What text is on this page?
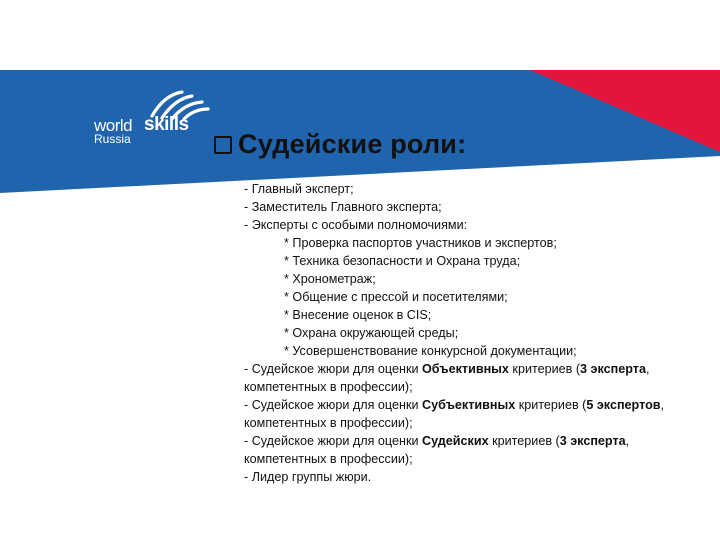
world skills
Russia	Судейские роли:
- Главный эксперт;
- Заместитель Главного эксперта;
- Эксперты с особыми полномочиями:
* Проверка паспортов участников и экспертов;
* Техника безопасности и Охрана труда;
* Хронометраж;
* Общение с прессой и посетителями;
* Внесение оценок в CIS;
* Охрана окружающей среды;
* Усовершенствование конкурсной документации;
- Судейское жюри для оценки Объективных критериев (3 эксперта, компетентных в профессии);
- Судейское жюри для оценки Субъективных критериев (5 экспертов, компетентных в профессии);
- Судейское жюри для оценки Судейских критериев (3 эксперта, компетентных в профессии);
- Лидер группы жюри.
